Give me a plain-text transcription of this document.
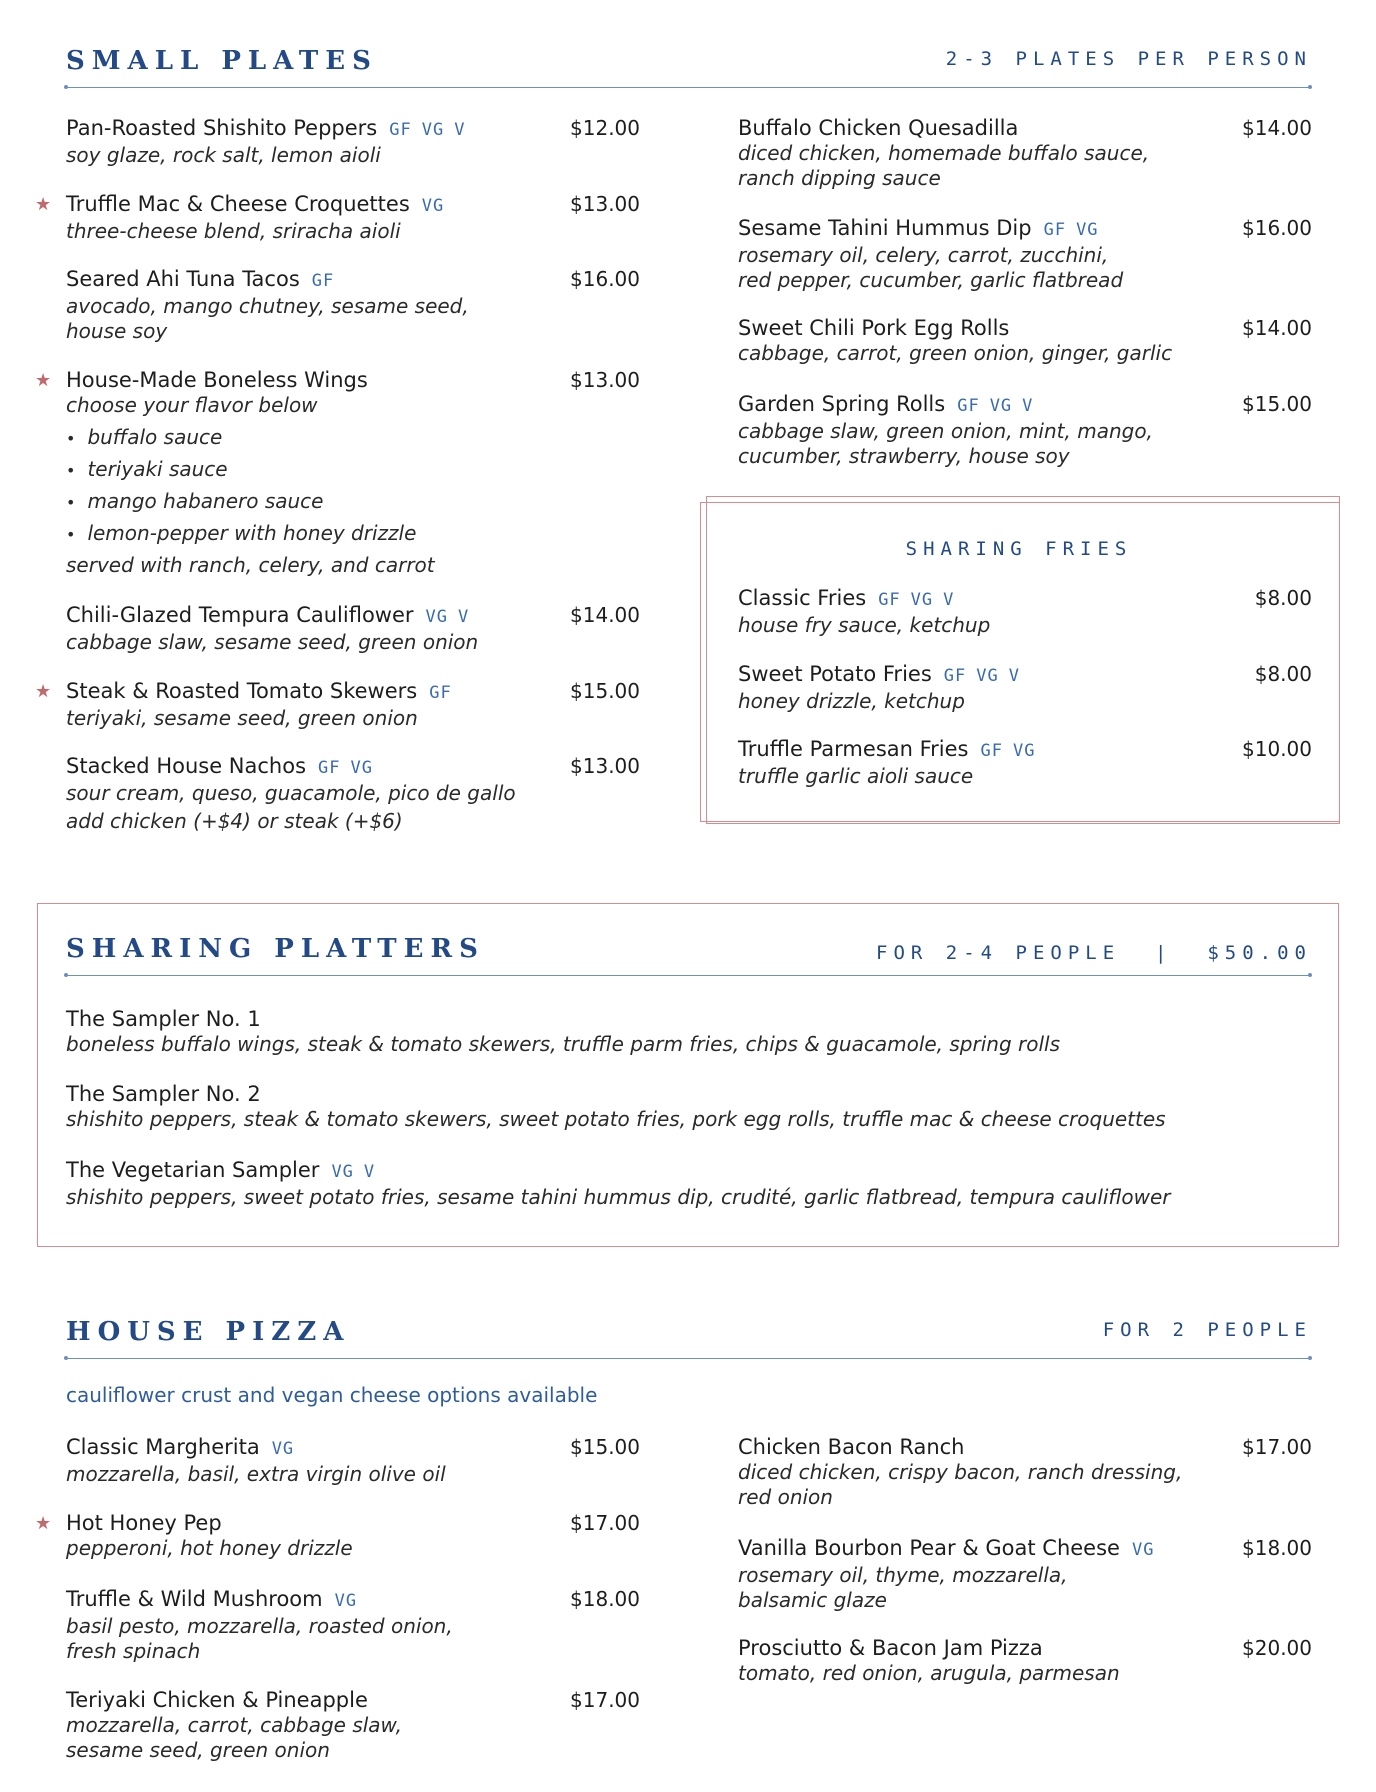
SMALL PLATES	2-3 PLATES PER PERSON
Pan-Roasted Shishito Peppers GF VG V	$12.00
soy glaze, rock salt, lemon aioli
★ Truffle Mac & Cheese Croquettes VG	$13.00
three-cheese blend, sriracha aioli
Seared Ahi Tuna Tacos GF	$16.00
avocado, mango chutney, sesame seed,
house soy
★ House-Made Boneless Wings	$13.00
choose your flavor below
• buffalo sauce
• teriyaki sauce
• mango habanero sauce
• lemon-pepper with honey drizzle
served with ranch, celery, and carrot
Chili-Glazed Tempura Cauliflower VG V	$14.00
cabbage slaw, sesame seed, green onion
★ Steak & Roasted Tomato Skewers GF	$15.00
teriyaki, sesame seed, green onion
Stacked House Nachos GF VG	$13.00
sour cream, queso, guacamole, pico de gallo
add chicken (+$4) or steak (+$6)
Buffalo Chicken Quesadilla	$14.00
diced chicken, homemade buffalo sauce,
ranch dipping sauce
Sesame Tahini Hummus Dip GF VG	$16.00
rosemary oil, celery, carrot, zucchini,
red pepper, cucumber, garlic flatbread
Sweet Chili Pork Egg Rolls	$14.00
cabbage, carrot, green onion, ginger, garlic
Garden Spring Rolls GF VG V	$15.00
cabbage slaw, green onion, mint, mango,
cucumber, strawberry, house soy
SHARING FRIES
Classic Fries GF VG V	$8.00
house fry sauce, ketchup
Sweet Potato Fries GF VG V	$8.00
honey drizzle, ketchup
Truffle Parmesan Fries GF VG	$10.00
truffle garlic aioli sauce
SHARING PLATTERS	FOR 2-4 PEOPLE  |  $50.00
The Sampler No. 1
boneless buffalo wings, steak & tomato skewers, truffle parm fries, chips & guacamole, spring rolls
The Sampler No. 2
shishito peppers, steak & tomato skewers, sweet potato fries, pork egg rolls, truffle mac & cheese croquettes
The Vegetarian Sampler VG V
shishito peppers, sweet potato fries, sesame tahini hummus dip, crudité, garlic flatbread, tempura cauliflower
HOUSE PIZZA	FOR 2 PEOPLE
cauliflower crust and vegan cheese options available
Classic Margherita VG	$15.00
mozzarella, basil, extra virgin olive oil
★ Hot Honey Pep	$17.00
pepperoni, hot honey drizzle
Truffle & Wild Mushroom VG	$18.00
basil pesto, mozzarella, roasted onion,
fresh spinach
Teriyaki Chicken & Pineapple	$17.00
mozzarella, carrot, cabbage slaw,
sesame seed, green onion
Chicken Bacon Ranch	$17.00
diced chicken, crispy bacon, ranch dressing,
red onion
Vanilla Bourbon Pear & Goat Cheese VG	$18.00
rosemary oil, thyme, mozzarella,
balsamic glaze
Prosciutto & Bacon Jam Pizza	$20.00
tomato, red onion, arugula, parmesan
